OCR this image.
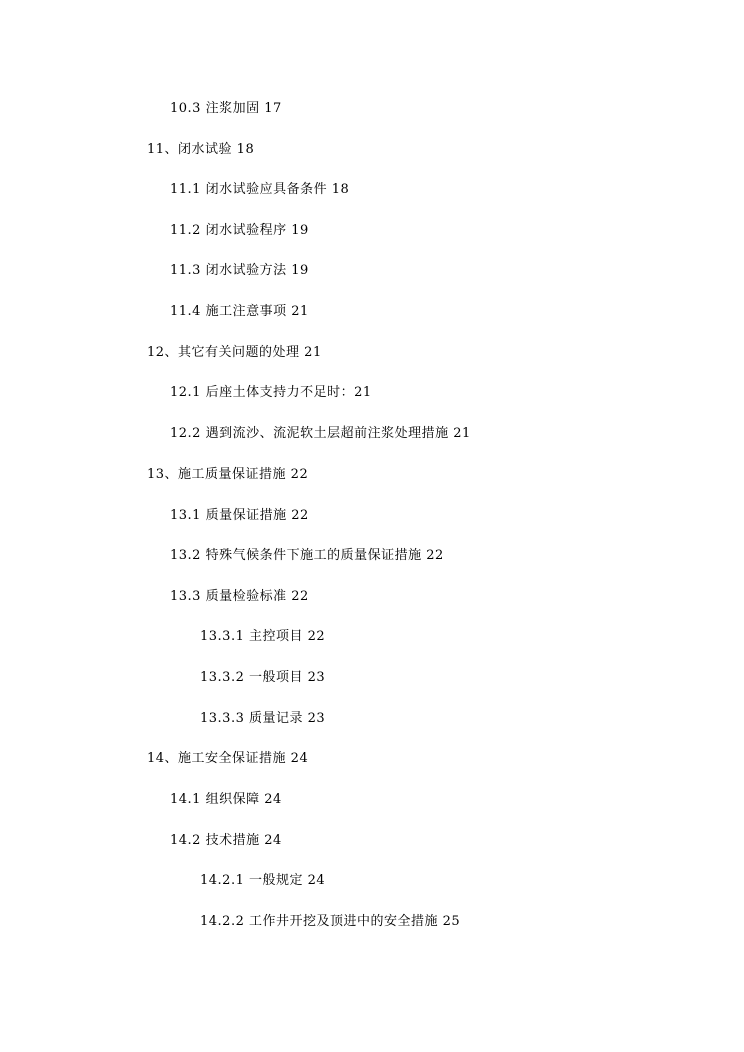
10.3 注浆加固 17
11、闭水试验 18
11.1 闭水试验应具备条件 18
11.2 闭水试验程序 19
11.3 闭水试验方法 19
11.4 施工注意事项 21
12、其它有关问题的处理 21
12.1 后座土体支持力不足时：21
12.2 遇到流沙、流泥软土层超前注浆处理措施 21
13、施工质量保证措施 22
13.1 质量保证措施 22
13.2 特殊气候条件下施工的质量保证措施 22
13.3 质量检验标准 22
13.3.1 主控项目 22
13.3.2 一般项目 23
13.3.3 质量记录 23
14、施工安全保证措施 24
14.1 组织保障 24
14.2 技术措施 24
14.2.1 一般规定 24
14.2.2 工作井开挖及顶进中的安全措施 25
